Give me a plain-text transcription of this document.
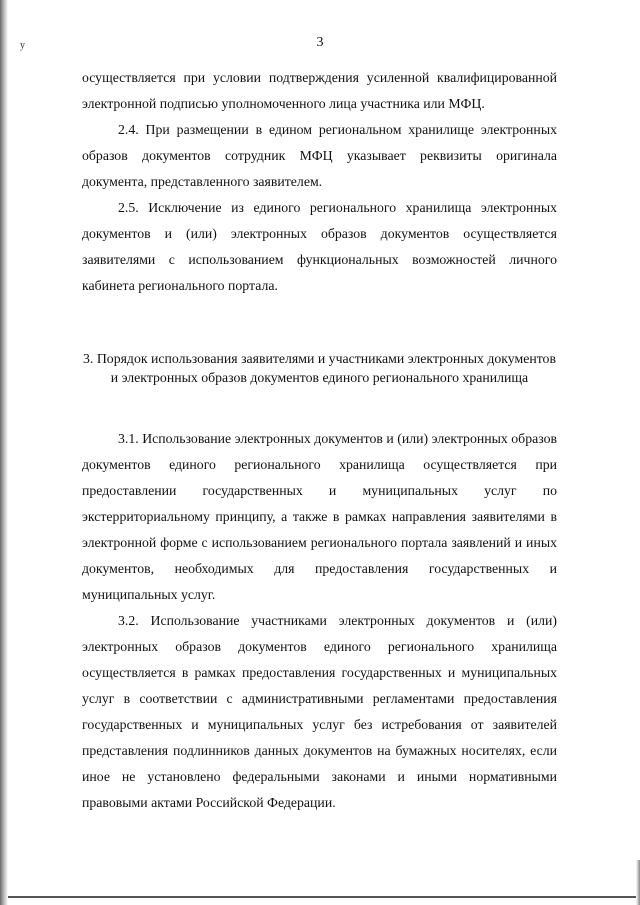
у	3

осуществляется при условии подтверждения усиленной квалифицированной электронной подписью уполномоченного лица участника или МФЦ.

2.4. При размещении в едином региональном хранилище электронных образов документов сотрудник МФЦ указывает реквизиты оригинала документа, представленного заявителем.

2.5. Исключение из единого регионального хранилища электронных документов и (или) электронных образов документов осуществляется заявителями с использованием функциональных возможностей личного кабинета регионального портала.

3. Порядок использования заявителями и участниками электронных документов и электронных образов документов единого регионального хранилища

3.1. Использование электронных документов и (или) электронных образов документов единого регионального хранилища осуществляется при предоставлении государственных и муниципальных услуг по экстерриториальному принципу, а также в рамках направления заявителями в электронной форме с использованием регионального портала заявлений и иных документов, необходимых для предоставления государственных и муниципальных услуг.

3.2. Использование участниками электронных документов и (или) электронных образов документов единого регионального хранилища осуществляется в рамках предоставления государственных и муниципальных услуг в соответствии с административными регламентами предоставления государственных и муниципальных услуг без истребования от заявителей представления подлинников данных документов на бумажных носителях, если иное не установлено федеральными законами и иными нормативными правовыми актами Российской Федерации.
